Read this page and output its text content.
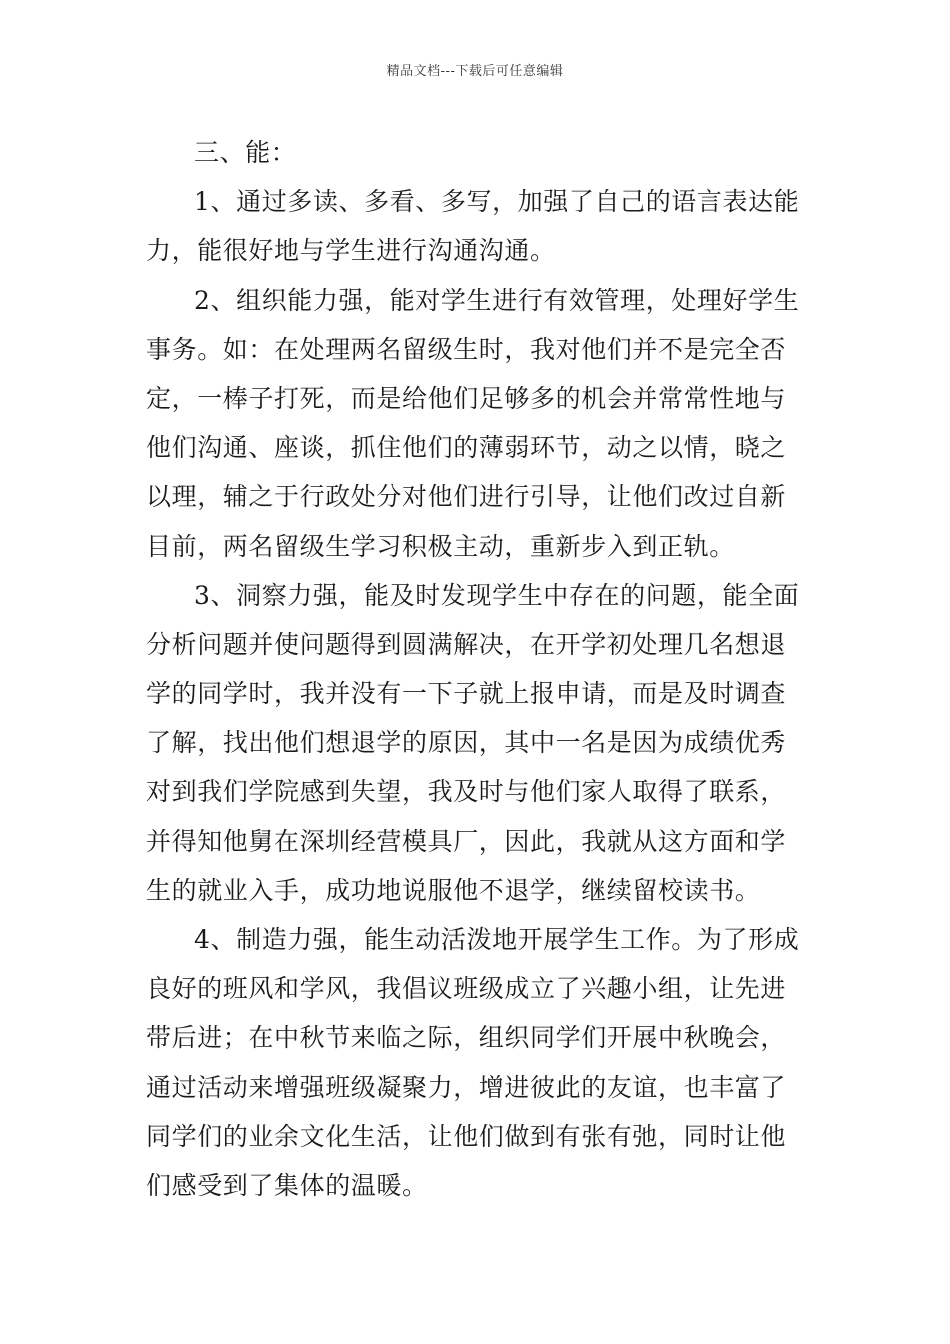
精品文档---下载后可任意编辑
三、能：
1、通过多读、多看、多写，加强了自己的语言表达能
力，能很好地与学生进行沟通沟通。
2、组织能力强，能对学生进行有效管理，处理好学生
事务。如：在处理两名留级生时，我对他们并不是完全否
定，一棒子打死，而是给他们足够多的机会并常常性地与
他们沟通、座谈，抓住他们的薄弱环节，动之以情，晓之
以理，辅之于行政处分对他们进行引导，让他们改过自新
目前，两名留级生学习积极主动，重新步入到正轨。
3、洞察力强，能及时发现学生中存在的问题，能全面
分析问题并使问题得到圆满解决，在开学初处理几名想退
学的同学时，我并没有一下子就上报申请，而是及时调查
了解，找出他们想退学的原因，其中一名是因为成绩优秀
对到我们学院感到失望，我及时与他们家人取得了联系，
并得知他舅在深圳经营模具厂，因此，我就从这方面和学
生的就业入手，成功地说服他不退学，继续留校读书。
4、制造力强，能生动活泼地开展学生工作。为了形成
良好的班风和学风，我倡议班级成立了兴趣小组，让先进
带后进；在中秋节来临之际，组织同学们开展中秋晚会，
通过活动来增强班级凝聚力，增进彼此的友谊，也丰富了
同学们的业余文化生活，让他们做到有张有弛，同时让他
们感受到了集体的温暖。
